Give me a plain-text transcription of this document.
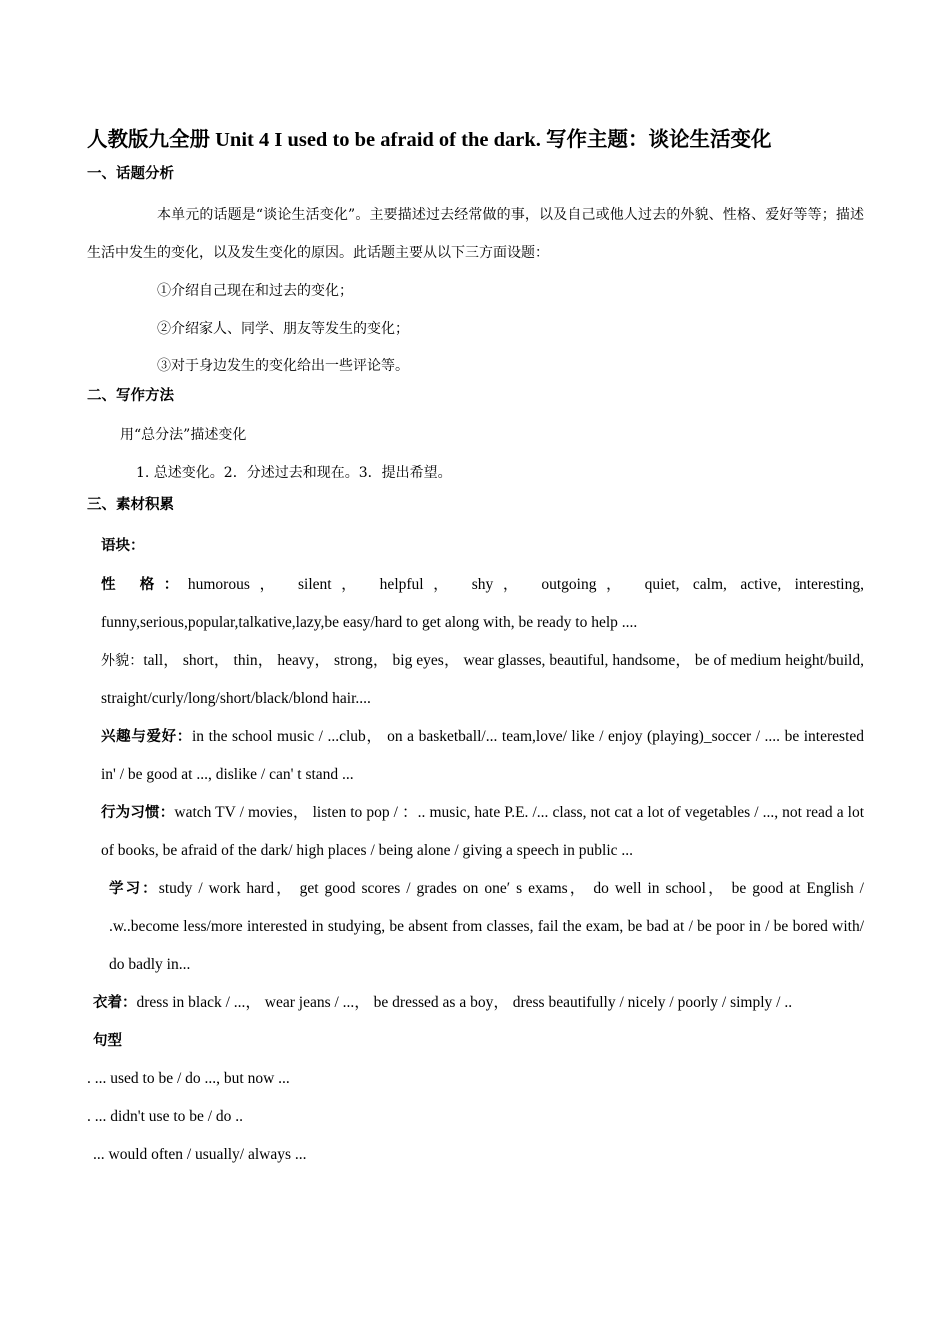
人教版九全册 Unit 4 I used to be afraid of the dark. 写作主题：谈论生活变化

一、话题分析

本单元的话题是“谈论生活变化”。主要描述过去经常做的事，以及自己或他人过去的外貌、性格、爱好等等；描述生活中发生的变化，以及发生变化的原因。此话题主要从以下三方面设题：

①介绍自己现在和过去的变化；

②介绍家人、同学、朋友等发生的变化；

③对于身边发生的变化给出一些评论等。

二、写作方法

用“总分法”描述变化

1. 总述变化。2．分述过去和现在。3．提出希望。

三、素材积累

语块：

性 格：humorous， silent， helpful， shy， outgoing， quiet, calm, active, interesting, funny,serious,popular,talkative,lazy,be easy/hard to get along with, be ready to help ....

外貌：tall， short， thin， heavy， strong， big eyes， wear glasses, beautiful, handsome， be of medium height/build, straight/curly/long/short/black/blond hair....

兴趣与爱好：in the school music / ...club， on a basketball/... team,love/ like / enjoy (playing)_soccer / .... be interested in' / be good at ..., dislike / can' t stand ...

行为习惯：watch TV / movies， listen to pop / ：.. music, hate P.E. /... class, not cat a lot of vegetables / ..., not read a lot of books, be afraid of the dark/ high places / being alone / giving a speech in public ...

学习：study / work hard， get good scores / grades on one′ s exams， do well in school， be good at English / .w..become less/more interested in studying, be absent from classes, fail the exam, be bad at / be poor in / be bored with/ do badly in...

衣着：dress in black / ...， wear jeans / ...， be dressed as a boy， dress beautifully / nicely / poorly / simply / ..

句型

. ... used to be / do ..., but now ...

. ... didn't use to be / do ..

... would often / usually/ always ...
